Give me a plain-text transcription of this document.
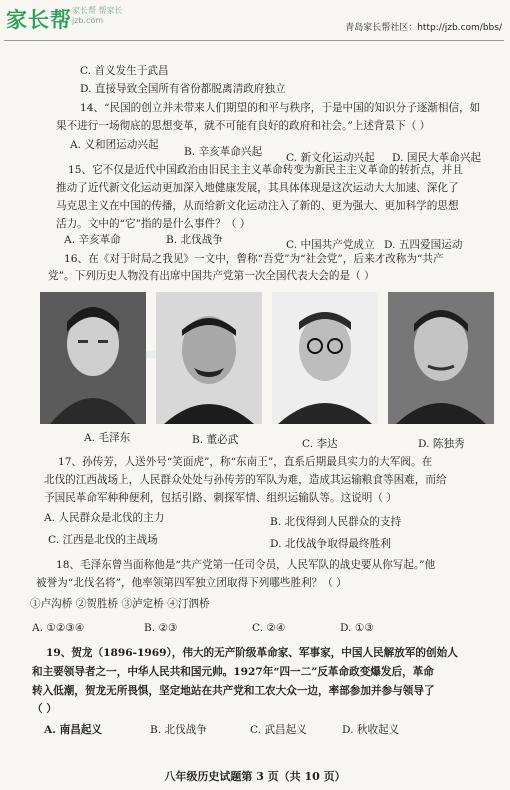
家长帮 家长帮 帮家长
jzb.com
青岛家长帮社区：http://jzb.com/bbs/
~
C. 首义发生于武昌
D. 直接导致全国所有省份都脱离清政府独立
14、“民国的创立并未带来人们期望的和平与秩序，于是中国的知识分子逐渐相信，如
果不进行一场彻底的思想变革，就不可能有良好的政府和社会。”上述背景下（ ）
A. 义和团运动兴起
B. 辛亥革命兴起 C. 新文化运动兴起 D. 国民大革命兴起
15、它不仅是近代中国政治由旧民主主义革命转变为新民主主义革命的转折点，并且
推动了近代新文化运动更加深入地健康发展，其具体体现是这次运动大大加速、深化了
马克思主义在中国的传播，从而给新文化运动注入了新的、更为强大、更加科学的思想
活力。文中的“它”指的是什么事件？（ ）
A. 辛亥革命	B. 北伐战争	C. 中国共产党成立 D. 五四爱国运动
16、在《对于时局之我见》一文中，曾称“吾党”为“社会党”，后来才改称为“共产
党”。下列历史人物没有出席中国共产党第一次全国代表大会的是（ ）
A. 毛泽东	B. 董必武	C. 李达	D. 陈独秀
17、孙传芳，人送外号“笑面虎”，称“东南王”，直系后期最具实力的大军阀。在
北伐的江西战场上，人民群众处处与孙传芳的军队为难，造成其运输粮食等困难，而给
予国民革命军种种便利，包括引路、刺探军情、组织运输队等。这说明（ ）
A. 人民群众是北伐的主力	B. 北伐得到人民群众的支持
C. 江西是北伐的主战场	D. 北伐战争取得最终胜利
18、毛泽东曾当面称他是“共产党第一任司令员，人民军队的战史要从你写起。”他
被誉为“北伐名将”，他率领第四军独立团取得下列哪些胜利？（ ）
①卢沟桥 ②贺胜桥 ③泸定桥 ④汀泗桥
A. ①②③④	B. ②③	C. ②④	D. ①③
19、贺龙（1896-1969），伟大的无产阶级革命家、军事家，中国人民解放军的创始人
和主要领导者之一，中华人民共和国元帅。1927年“四一二”反革命政变爆发后，革命
转入低潮，贺龙无所畏惧，坚定地站在共产党和工农大众一边，率部参加并参与领导了
（ ）
A. 南昌起义	B. 北伐战争	C. 武昌起义	D. 秋收起义
八年级历史试题第 3 页（共 10 页）
